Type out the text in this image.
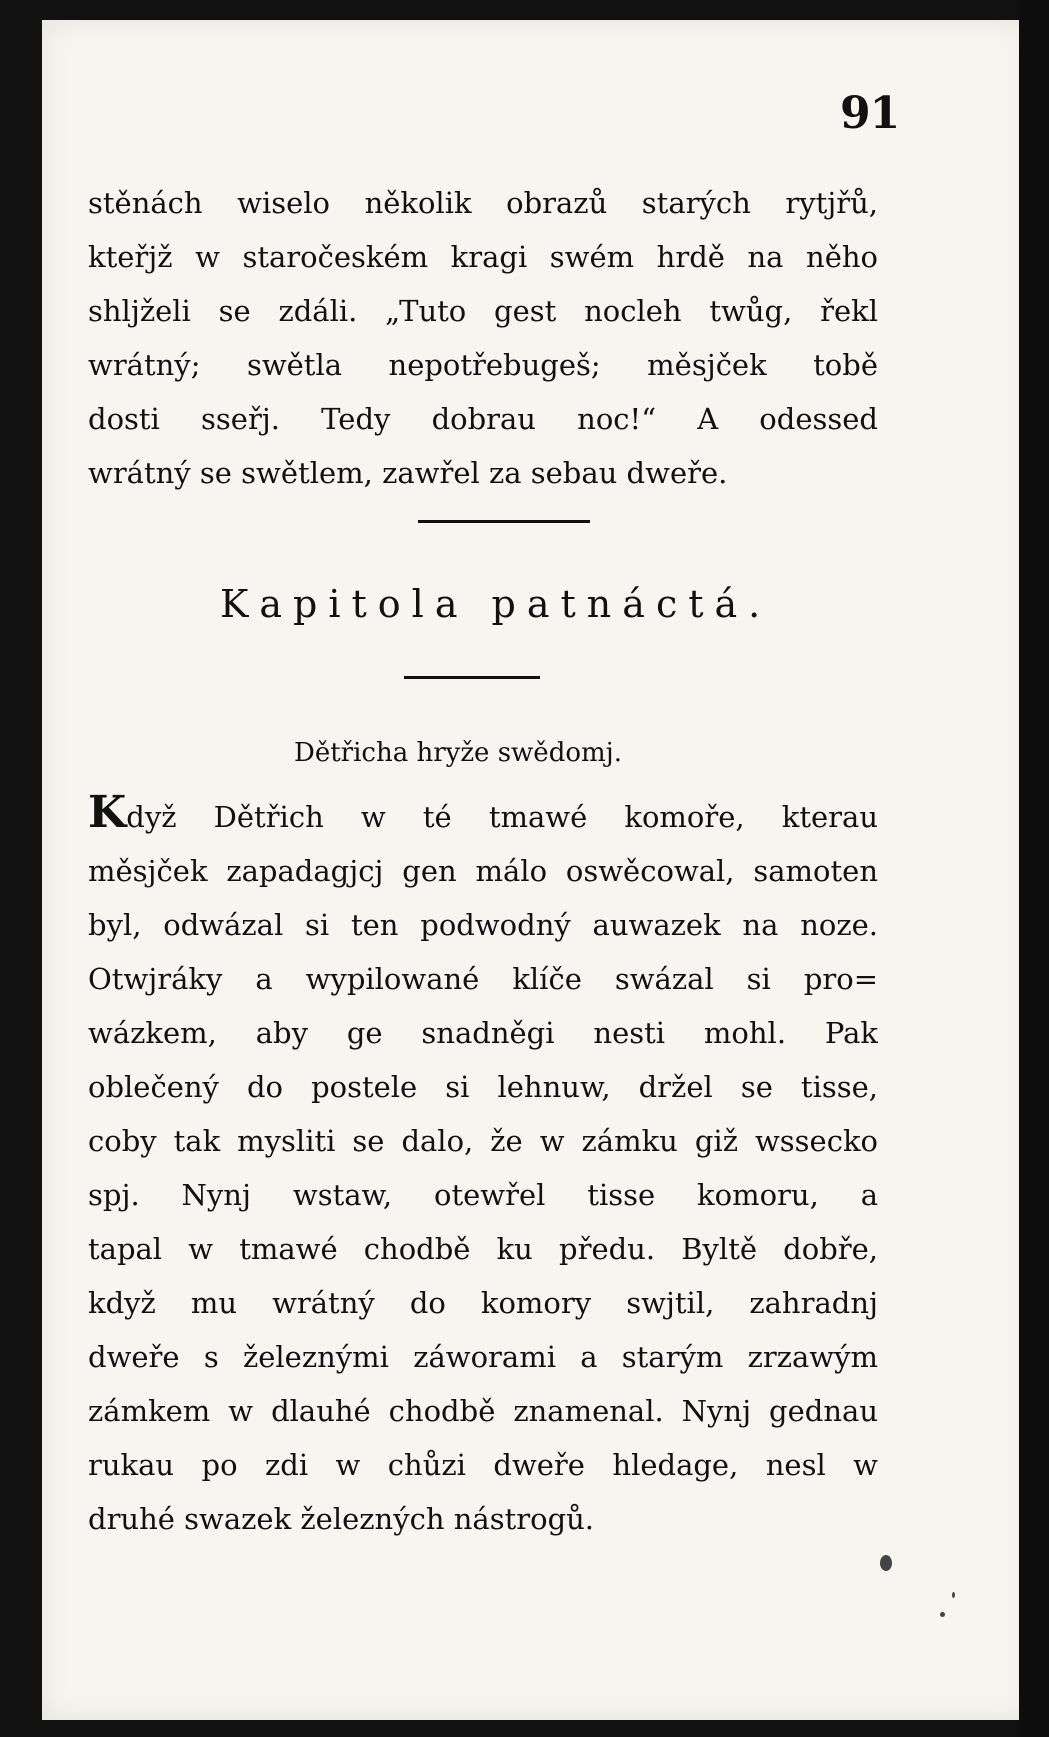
91
stěnách wiselo několik obrazů starých rytjřů,
kteřjž w staročeském kragi swém hrdě na něho
shljželi se zdáli. „Tuto gest nocleh twůg, řekl
wrátný; swětla nepotřebugeš; měsjček tobě
dosti sseřj. Tedy dobrau noc!“ A odessed
wrátný se swětlem, zawřel za sebau dweře.
Kapitola patnáctá.
Dětřicha hryže swědomj.
Když Dětřich w té tmawé komoře, kterau
měsjček zapadagjcj gen málo oswěcowal, samoten
byl, odwázal si ten podwodný auwazek na noze.
Otwjráky a wypilowané klíče swázal si pro=
wázkem, aby ge snadněgi nesti mohl. Pak
oblečený do postele si lehnuw, držel se tisse,
coby tak mysliti se dalo, že w zámku giž wssecko
spj. Nynj wstaw, otewřel tisse komoru, a
tapal w tmawé chodbě ku předu. Byltě dobře,
když mu wrátný do komory swjtil, zahradnj
dweře s železnými záworami a starým zrzawým
zámkem w dlauhé chodbě znamenal. Nynj gednau
rukau po zdi w chůzi dweře hledage, nesl w
druhé swazek železných nástrogů.
